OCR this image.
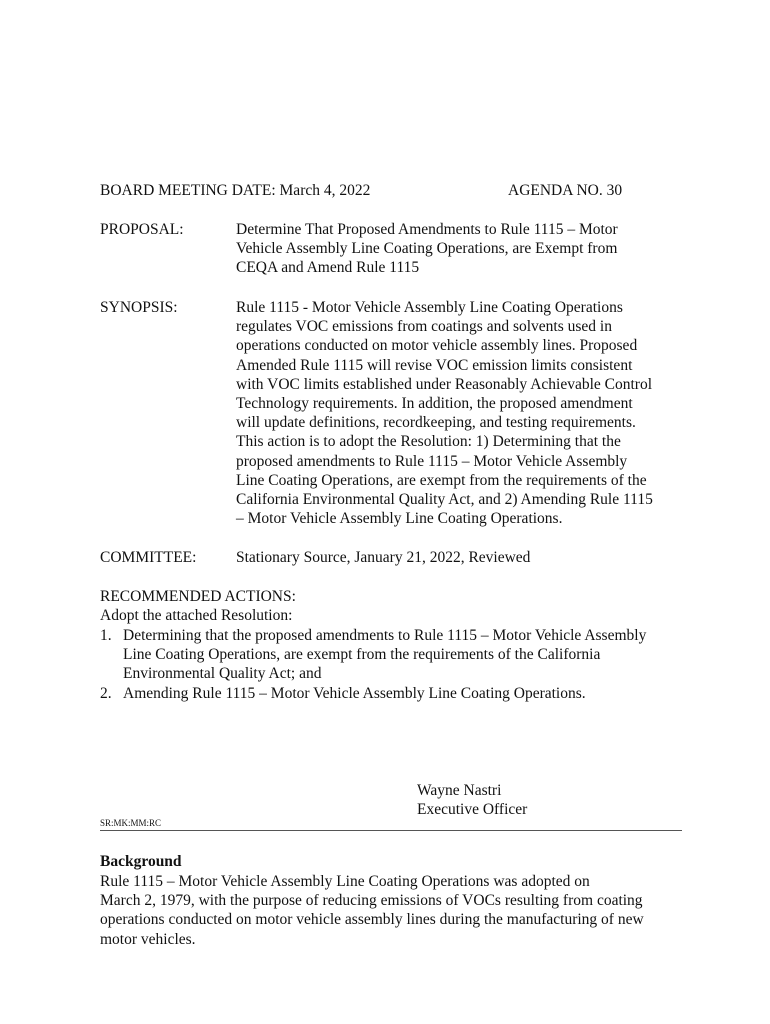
BOARD MEETING DATE: March 4, 2022	AGENDA NO. 30
PROPOSAL:	Determine That Proposed Amendments to Rule 1115 – Motor
Vehicle Assembly Line Coating Operations, are Exempt from
CEQA and Amend Rule 1115
SYNOPSIS:	Rule 1115 - Motor Vehicle Assembly Line Coating Operations
regulates VOC emissions from coatings and solvents used in
operations conducted on motor vehicle assembly lines. Proposed
Amended Rule 1115 will revise VOC emission limits consistent
with VOC limits established under Reasonably Achievable Control
Technology requirements. In addition, the proposed amendment
will update definitions, recordkeeping, and testing requirements.
This action is to adopt the Resolution: 1) Determining that the
proposed amendments to Rule 1115 – Motor Vehicle Assembly
Line Coating Operations, are exempt from the requirements of the
California Environmental Quality Act, and 2) Amending Rule 1115
– Motor Vehicle Assembly Line Coating Operations.
COMMITTEE:	Stationary Source, January 21, 2022, Reviewed
RECOMMENDED ACTIONS:
Adopt the attached Resolution:
1. Determining that the proposed amendments to Rule 1115 – Motor Vehicle Assembly
Line Coating Operations, are exempt from the requirements of the California
Environmental Quality Act; and
2. Amending Rule 1115 – Motor Vehicle Assembly Line Coating Operations.
Wayne Nastri
Executive Officer
SR:MK:MM:RC
Background
Rule 1115 – Motor Vehicle Assembly Line Coating Operations was adopted on
March 2, 1979, with the purpose of reducing emissions of VOCs resulting from coating
operations conducted on motor vehicle assembly lines during the manufacturing of new
motor vehicles.
